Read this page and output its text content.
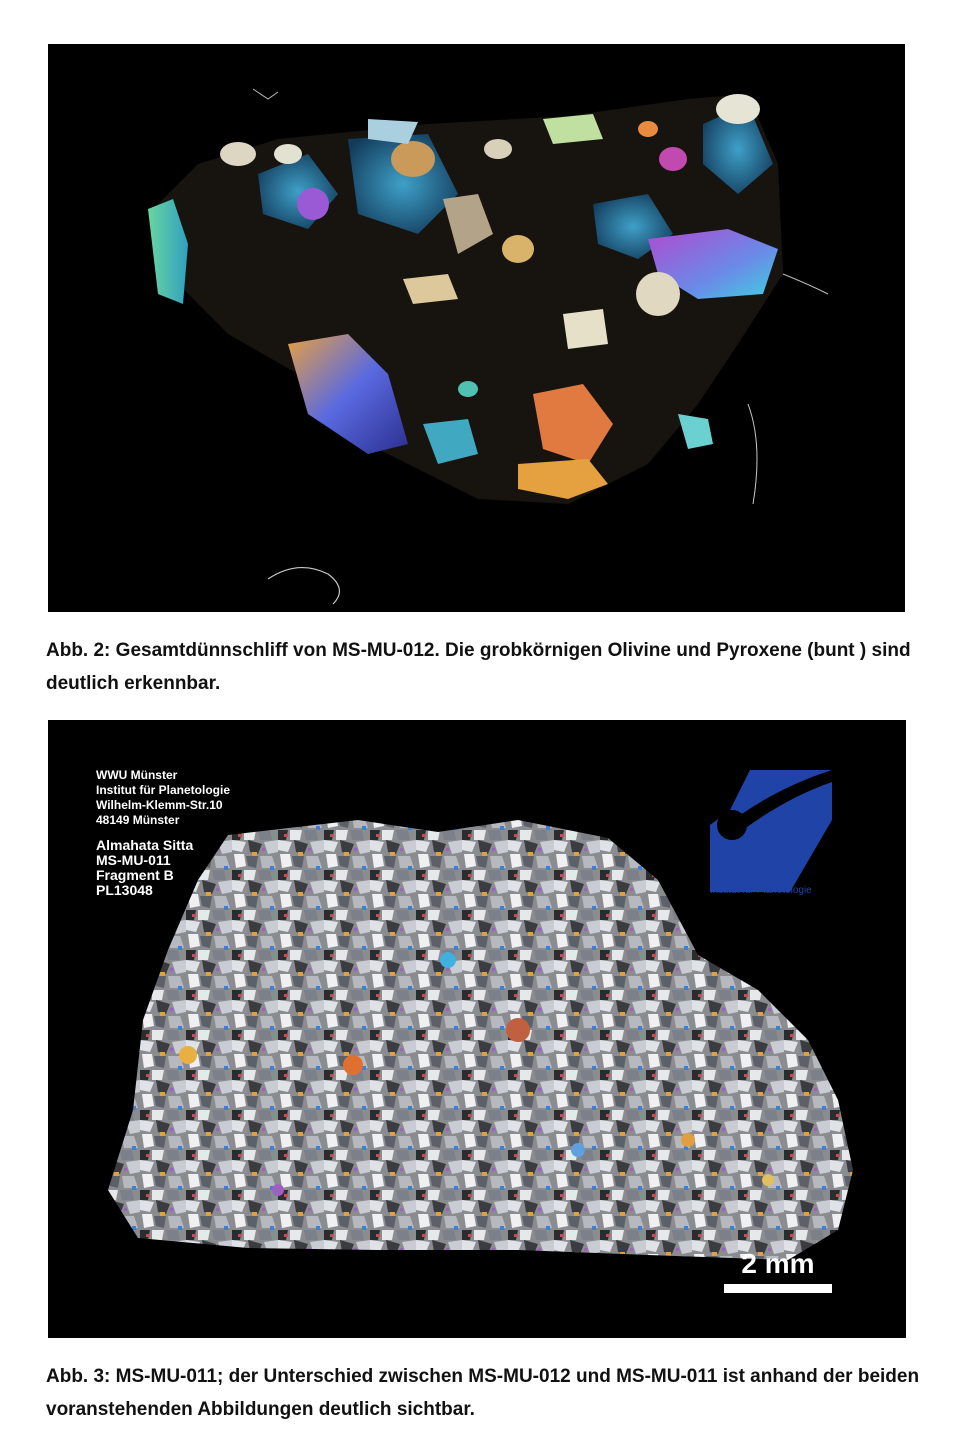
Abb. 2: Gesamtdünnschliff von MS-MU-012. Die grobkörnigen Olivine und Pyroxene (bunt ) sind deutlich erkennbar.
WWU Münster
Institut für Planetologie
Wilhelm-Klemm-Str.10
48149 Münster
Almahata Sitta
MS-MU-011
Fragment B
PL13048	Institut für Planetologie
2 mm
Abb. 3: MS-MU-011; der Unterschied zwischen MS-MU-012 und MS-MU-011 ist anhand der beiden voranstehenden Abbildungen deutlich sichtbar.
